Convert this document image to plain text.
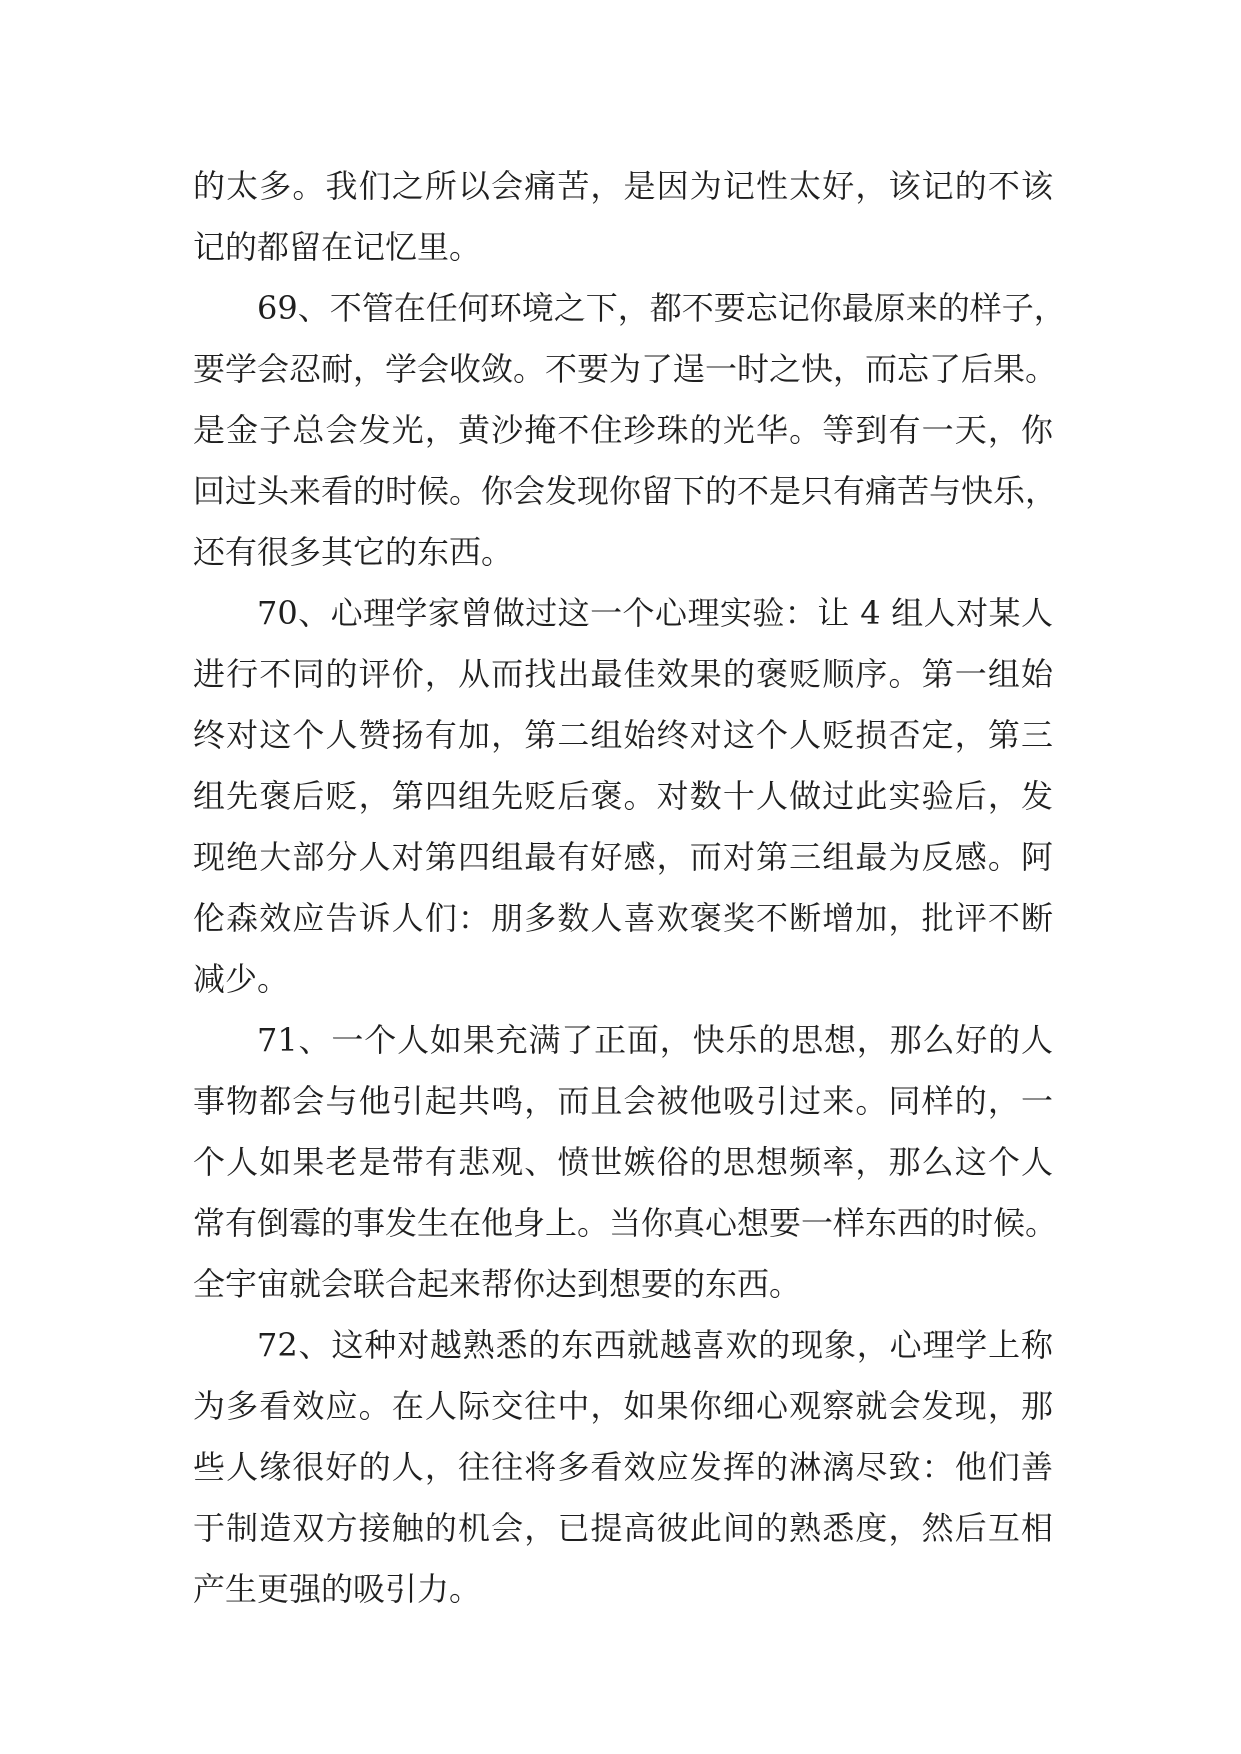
的太多。我们之所以会痛苦，是因为记性太好，该记的不该
记的都留在记忆里。
69、不管在任何环境之下，都不要忘记你最原来的样子，
要学会忍耐，学会收敛。不要为了逞一时之快，而忘了后果。
是金子总会发光，黄沙掩不住珍珠的光华。等到有一天，你
回过头来看的时候。你会发现你留下的不是只有痛苦与快乐，
还有很多其它的东西。
70、心理学家曾做过这一个心理实验：让 4 组人对某人
进行不同的评价，从而找出最佳效果的褒贬顺序。第一组始
终对这个人赞扬有加，第二组始终对这个人贬损否定，第三
组先褒后贬，第四组先贬后褒。对数十人做过此实验后，发
现绝大部分人对第四组最有好感，而对第三组最为反感。阿
伦森效应告诉人们：朋多数人喜欢褒奖不断增加，批评不断
减少。
71、一个人如果充满了正面，快乐的思想，那么好的人
事物都会与他引起共鸣，而且会被他吸引过来。同样的，一
个人如果老是带有悲观、愤世嫉俗的思想频率，那么这个人
常有倒霉的事发生在他身上。当你真心想要一样东西的时候。
全宇宙就会联合起来帮你达到想要的东西。
72、这种对越熟悉的东西就越喜欢的现象，心理学上称
为多看效应。在人际交往中，如果你细心观察就会发现，那
些人缘很好的人，往往将多看效应发挥的淋漓尽致：他们善
于制造双方接触的机会，已提高彼此间的熟悉度，然后互相
产生更强的吸引力。
